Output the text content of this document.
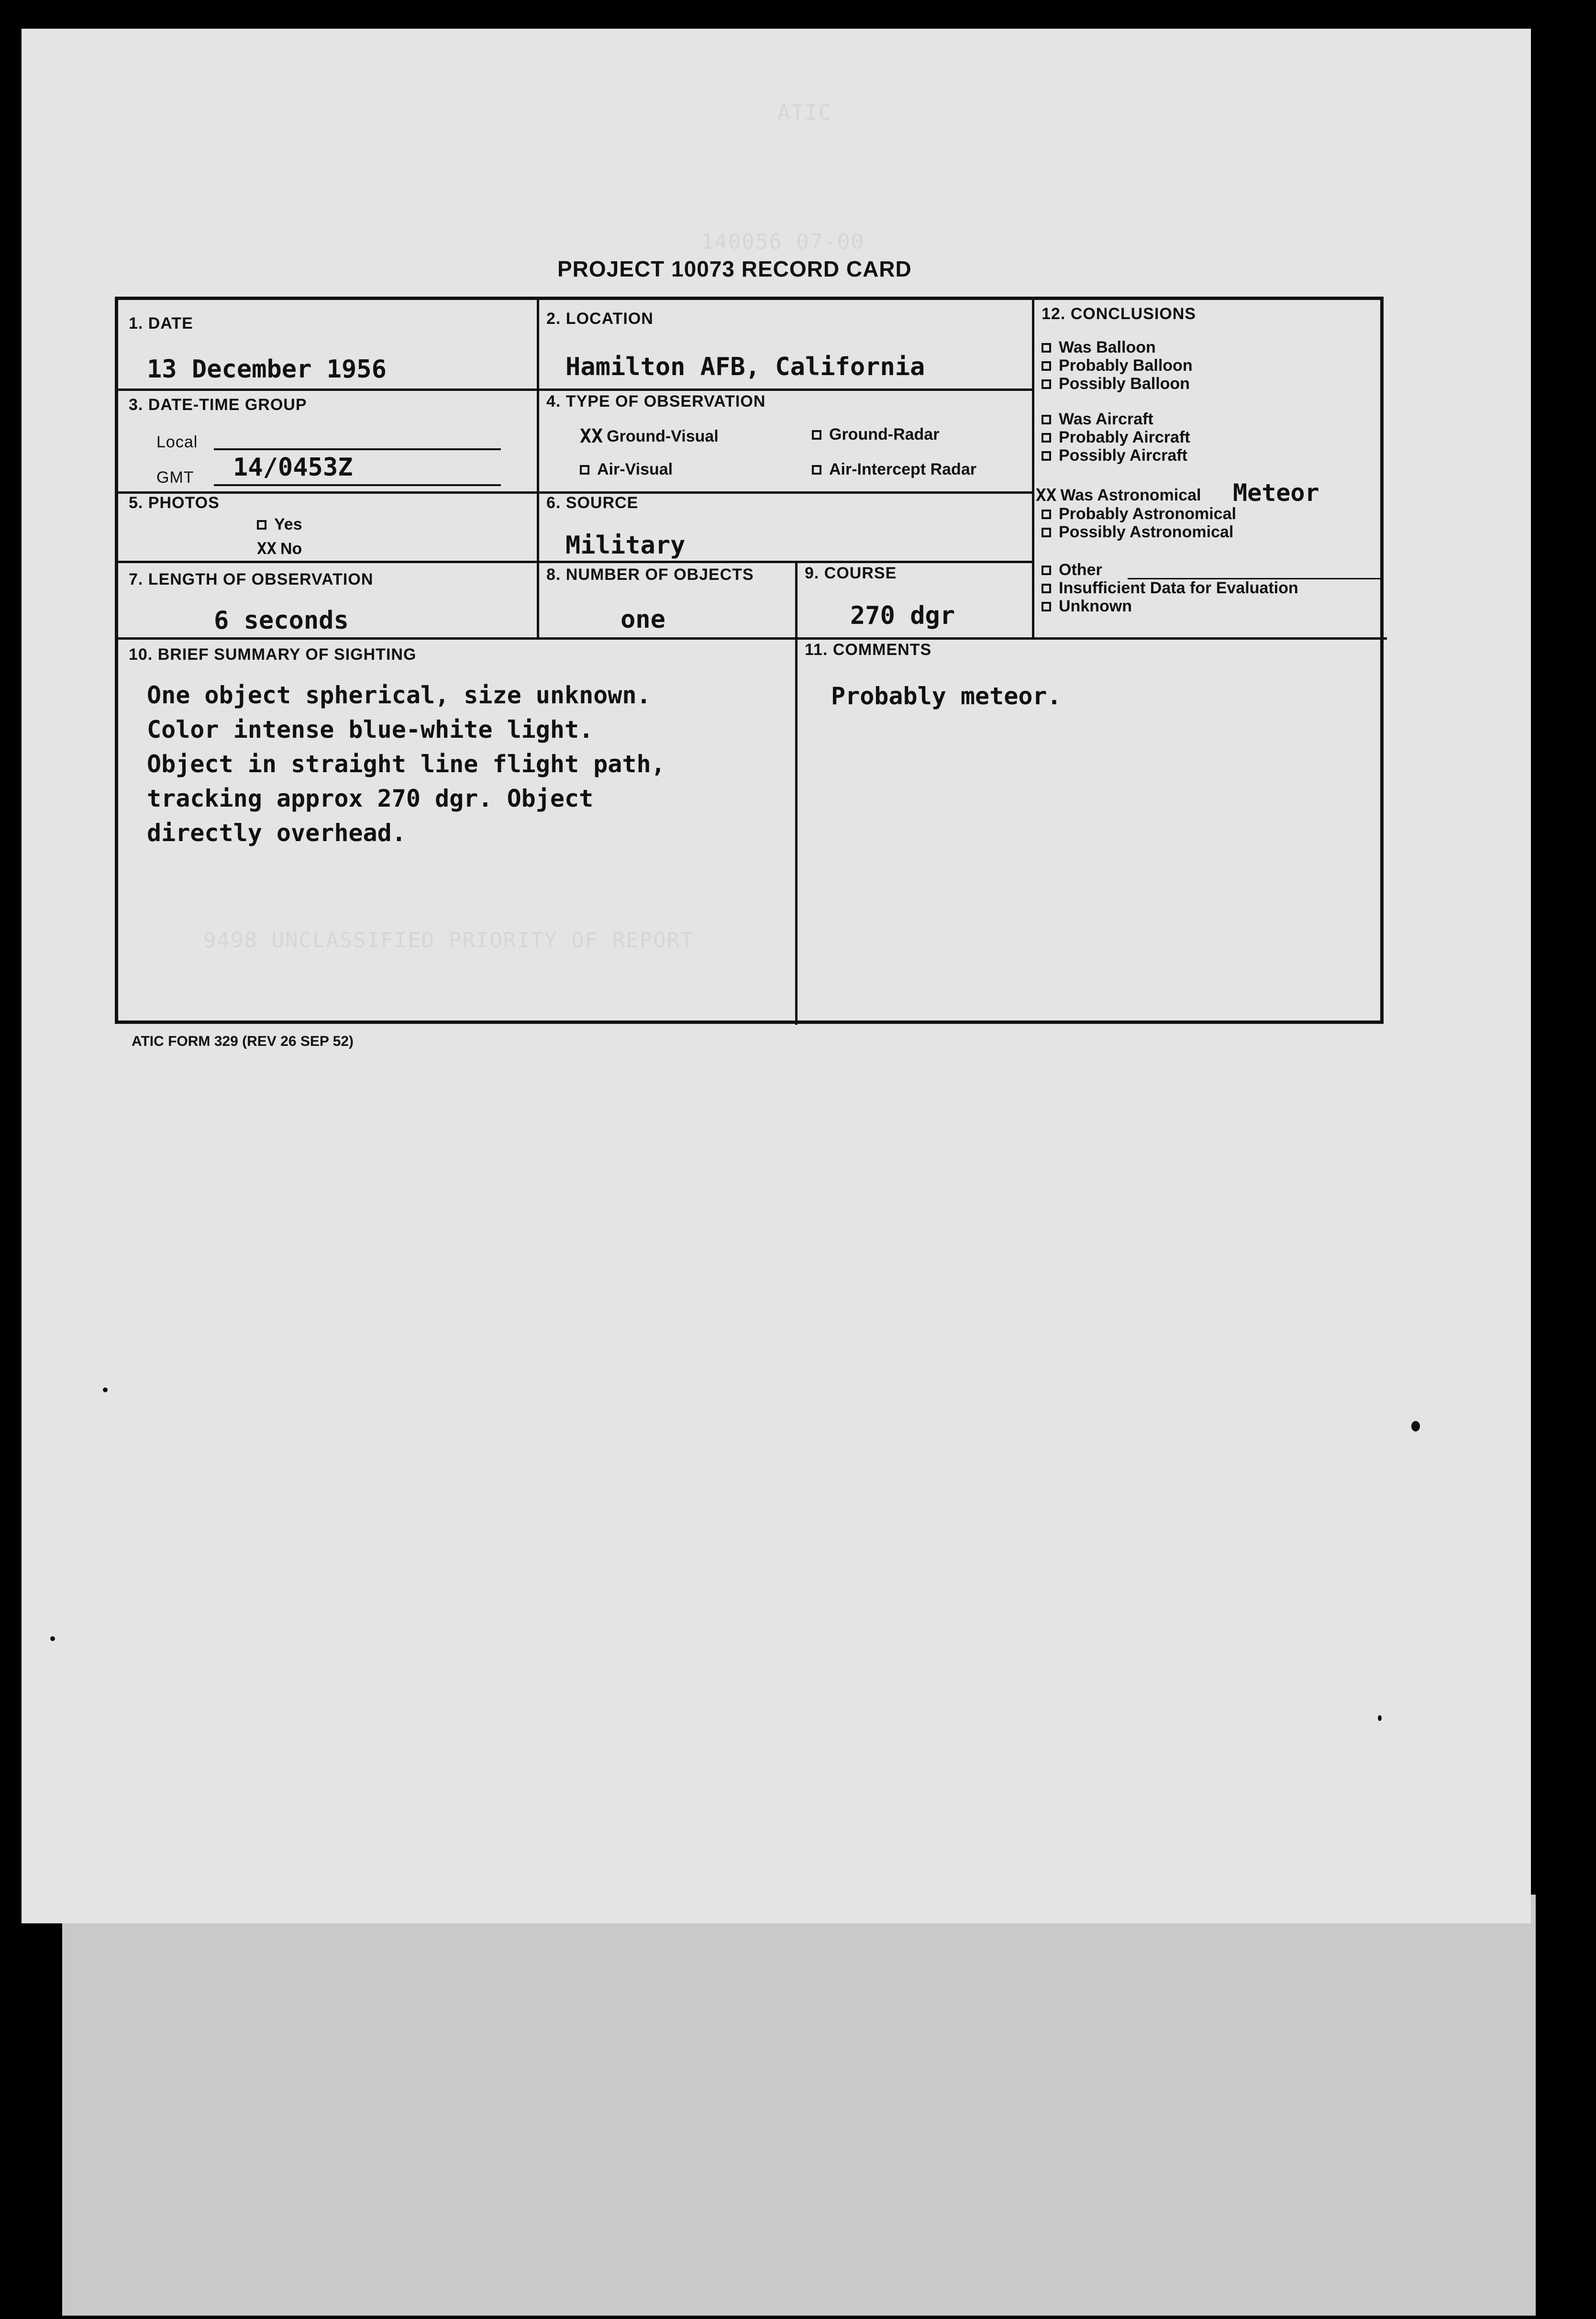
ATIC
140056 07-00
9498 UNCLASSIFIED PRIORITY OF REPORT
PROJECT 10073 RECORD CARD
1. DATE
13 December 1956
2. LOCATION
Hamilton AFB, California
3. DATE-TIME GROUP
Local
GMT 14/0453Z
4. TYPE OF OBSERVATION
XX Ground-Visual	Ground-Radar
Air-Visual	Air-Intercept Radar
5. PHOTOS
Yes
XX No
6. SOURCE
Military
7. LENGTH OF OBSERVATION
6 seconds
8. NUMBER OF OBJECTS
one
9. COURSE
270 dgr
12. CONCLUSIONS
Was Balloon
Probably Balloon
Possibly Balloon
Was Aircraft
Probably Aircraft
Possibly Aircraft
XX Was Astronomical Meteor
Probably Astronomical
Possibly Astronomical
Other
Insufficient Data for Evaluation
Unknown
10. BRIEF SUMMARY OF SIGHTING
One object spherical, size unknown.
Color intense blue-white light.
Object in straight line flight path,
tracking approx 270 dgr. Object
directly overhead.
11. COMMENTS
Probably meteor.
ATIC FORM 329 (REV 26 SEP 52)
